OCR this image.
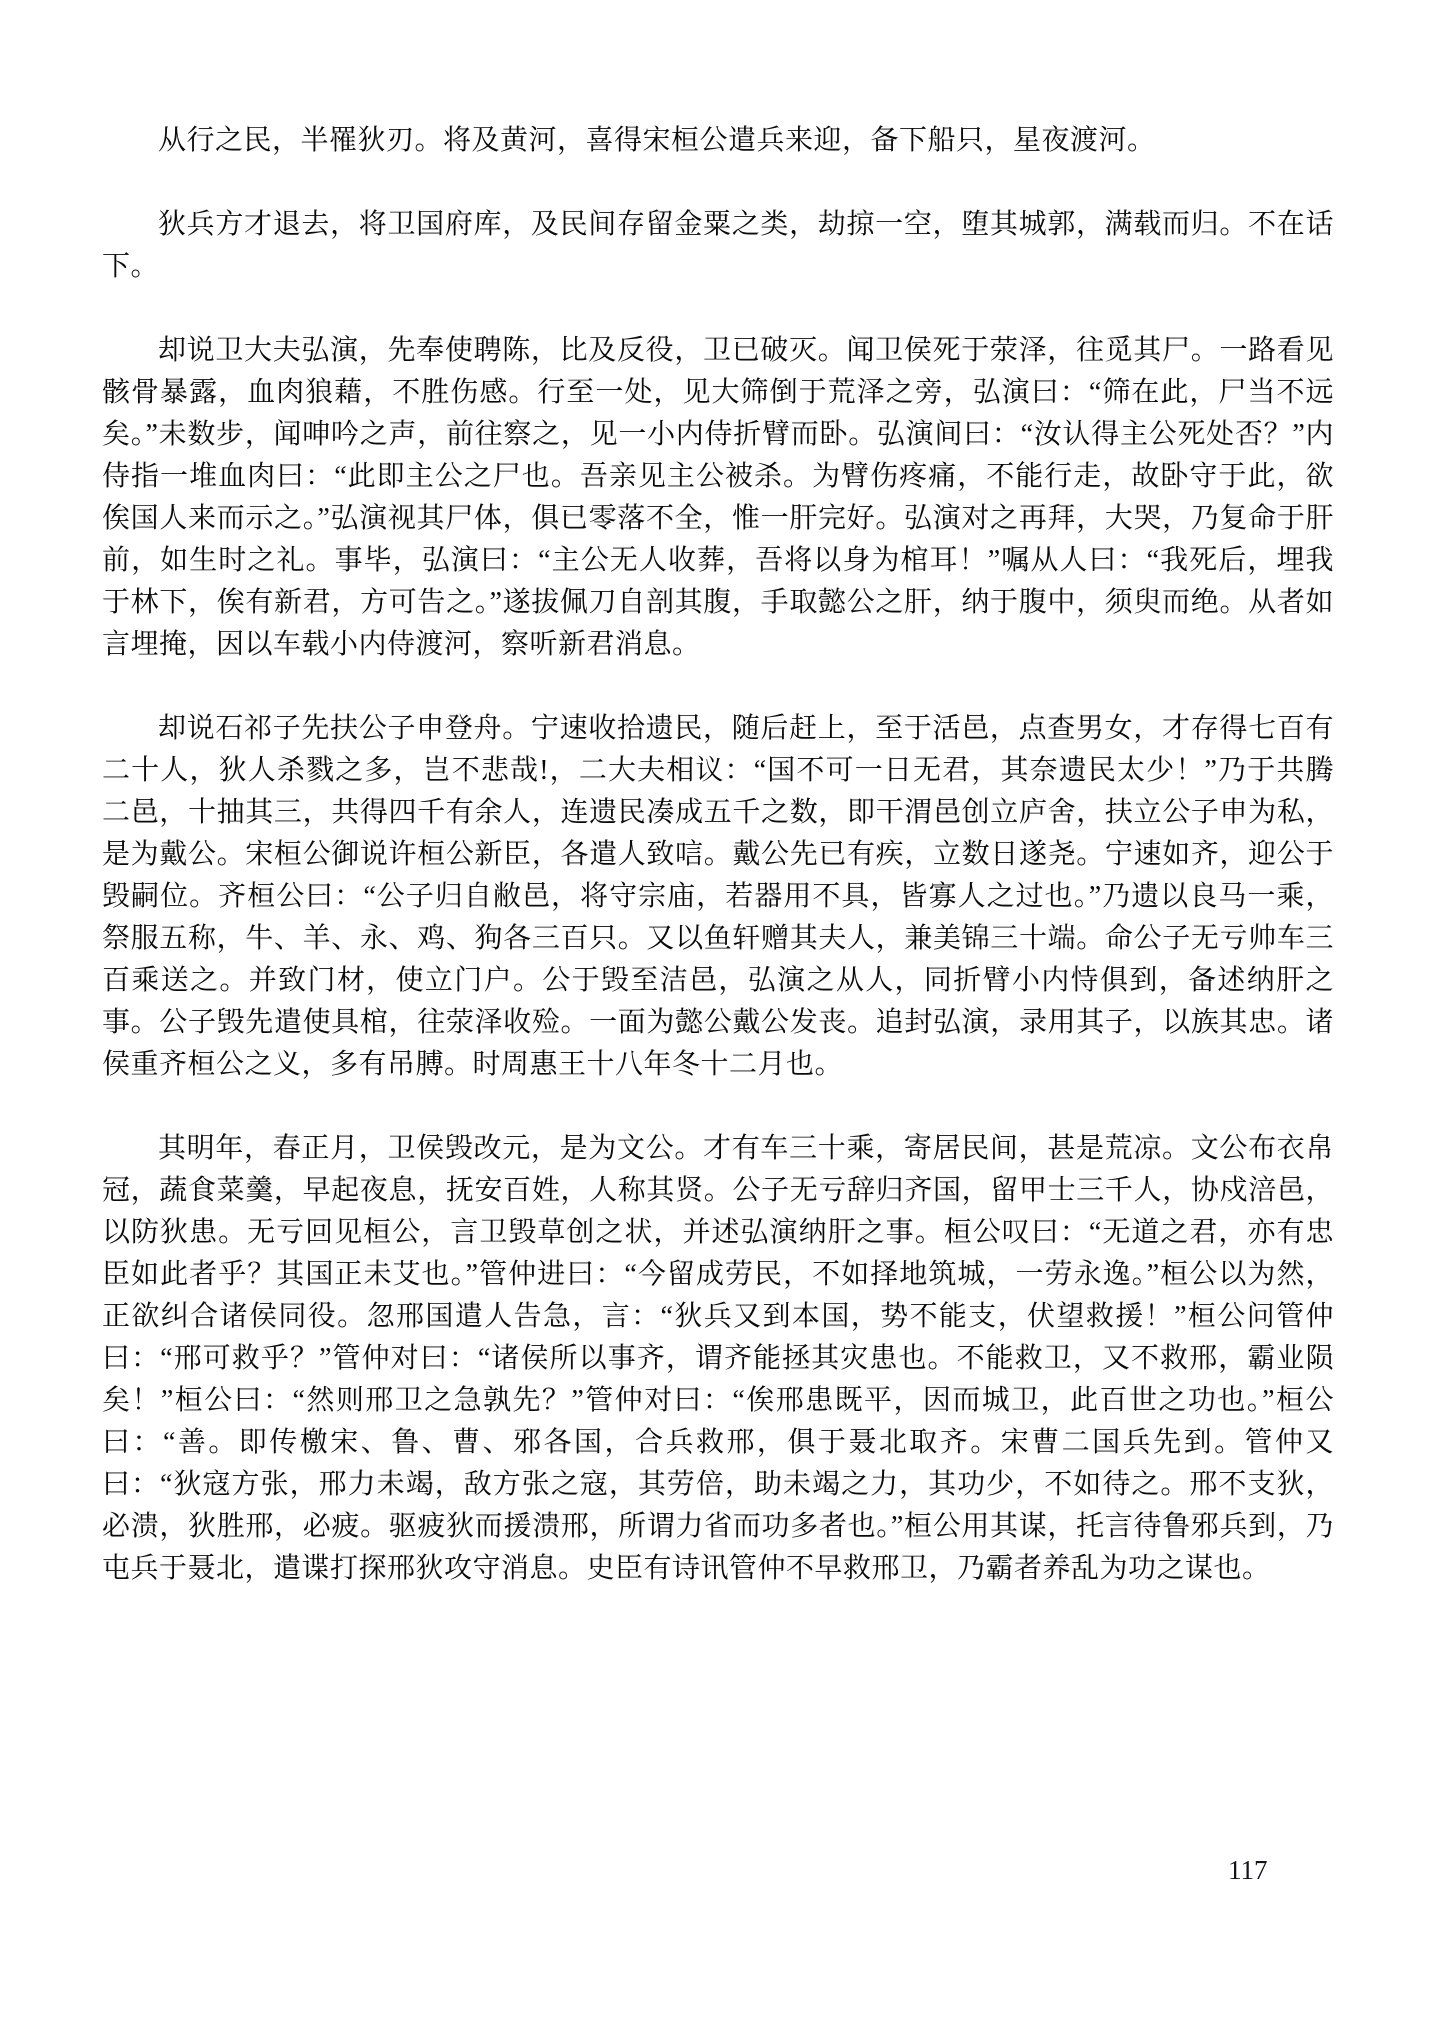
从行之民，半罹狄刃。将及黄河，喜得宋桓公遣兵来迎，备下船只，星夜渡河。

狄兵方才退去，将卫国府库，及民间存留金粟之类，劫掠一空，堕其城郭，满载而归。不在话下。

却说卫大夫弘演，先奉使聘陈，比及反役，卫已破灭。闻卫侯死于荥泽，往觅其尸。一路看见骸骨暴露，血肉狼藉，不胜伤感。行至一处，见大筛倒于荒泽之旁，弘演曰：“筛在此，尸当不远矣。”未数步，闻呻吟之声，前往察之，见一小内侍折臂而卧。弘演间曰：“汝认得主公死处否？”内侍指一堆血肉曰：“此即主公之尸也。吾亲见主公被杀。为臂伤疼痛，不能行走，故卧守于此，欲俟国人来而示之。”弘演视其尸体，俱已零落不全，惟一肝完好。弘演对之再拜，大哭，乃复命于肝前，如生时之礼。事毕，弘演曰：“主公无人收葬，吾将以身为棺耳！”嘱从人曰：“我死后，埋我于林下，俟有新君，方可告之。”遂拔佩刀自剖其腹，手取懿公之肝，纳于腹中，须臾而绝。从者如言埋掩，因以车载小内侍渡河，察听新君消息。

却说石祁子先扶公子申登舟。宁速收拾遗民，随后赶上，至于活邑，点查男女，才存得七百有二十人，狄人杀戮之多，岂不悲哉!，二大夫相议：“国不可一日无君，其奈遗民太少！”乃于共腾二邑，十抽其三，共得四千有余人，连遗民凑成五千之数，即干渭邑创立庐舍，扶立公子申为私，是为戴公。宋桓公御说许桓公新臣，各遣人致唁。戴公先已有疾，立数日遂尧。宁速如齐，迎公于毁嗣位。齐桓公曰：“公子归自敝邑，将守宗庙，若器用不具，皆寡人之过也。”乃遗以良马一乘，祭服五称，牛、羊、永、鸡、狗各三百只。又以鱼轩赠其夫人，兼美锦三十端。命公子无亏帅车三百乘送之。并致门材，使立门户。公于毁至洁邑，弘演之从人，同折臂小内恃俱到，备述纳肝之事。公子毁先遣使具棺，往荥泽收殓。一面为懿公戴公发丧。追封弘演，录用其子，以族其忠。诸侯重齐桓公之义，多有吊膊。时周惠王十八年冬十二月也。

其明年，春正月，卫侯毁改元，是为文公。才有车三十乘，寄居民间，甚是荒凉。文公布衣帛冠，蔬食菜羹，早起夜息，抚安百姓，人称其贤。公子无亏辞归齐国，留甲士三千人，协戍涪邑，以防狄患。无亏回见桓公，言卫毁草创之状，并述弘演纳肝之事。桓公叹曰：“无道之君，亦有忠臣如此者乎？其国正未艾也。”管仲进曰：“今留成劳民，不如择地筑城，一劳永逸。”桓公以为然，正欲纠合诸侯同役。忽邢国遣人告急，言：“狄兵又到本国，势不能支，伏望救援！”桓公问管仲曰：“邢可救乎？”管仲对曰：“诸侯所以事齐，谓齐能拯其灾患也。不能救卫，又不救邢，霸业陨矣！”桓公曰：“然则邢卫之急孰先？”管仲对曰：“俟邢患既平，因而城卫，此百世之功也。”桓公曰：“善。即传檄宋、鲁、曹、邪各国，合兵救邢，俱于聂北取齐。宋曹二国兵先到。管仲又曰：“狄寇方张，邢力未竭，敌方张之寇，其劳倍，助未竭之力，其功少，不如待之。邢不支狄，必溃，狄胜邢，必疲。驱疲狄而援溃邢，所谓力省而功多者也。”桓公用其谋，托言待鲁邪兵到，乃屯兵于聂北，遣谍打探邢狄攻守消息。史臣有诗讯管仲不早救邢卫，乃霸者养乱为功之谋也。

117
